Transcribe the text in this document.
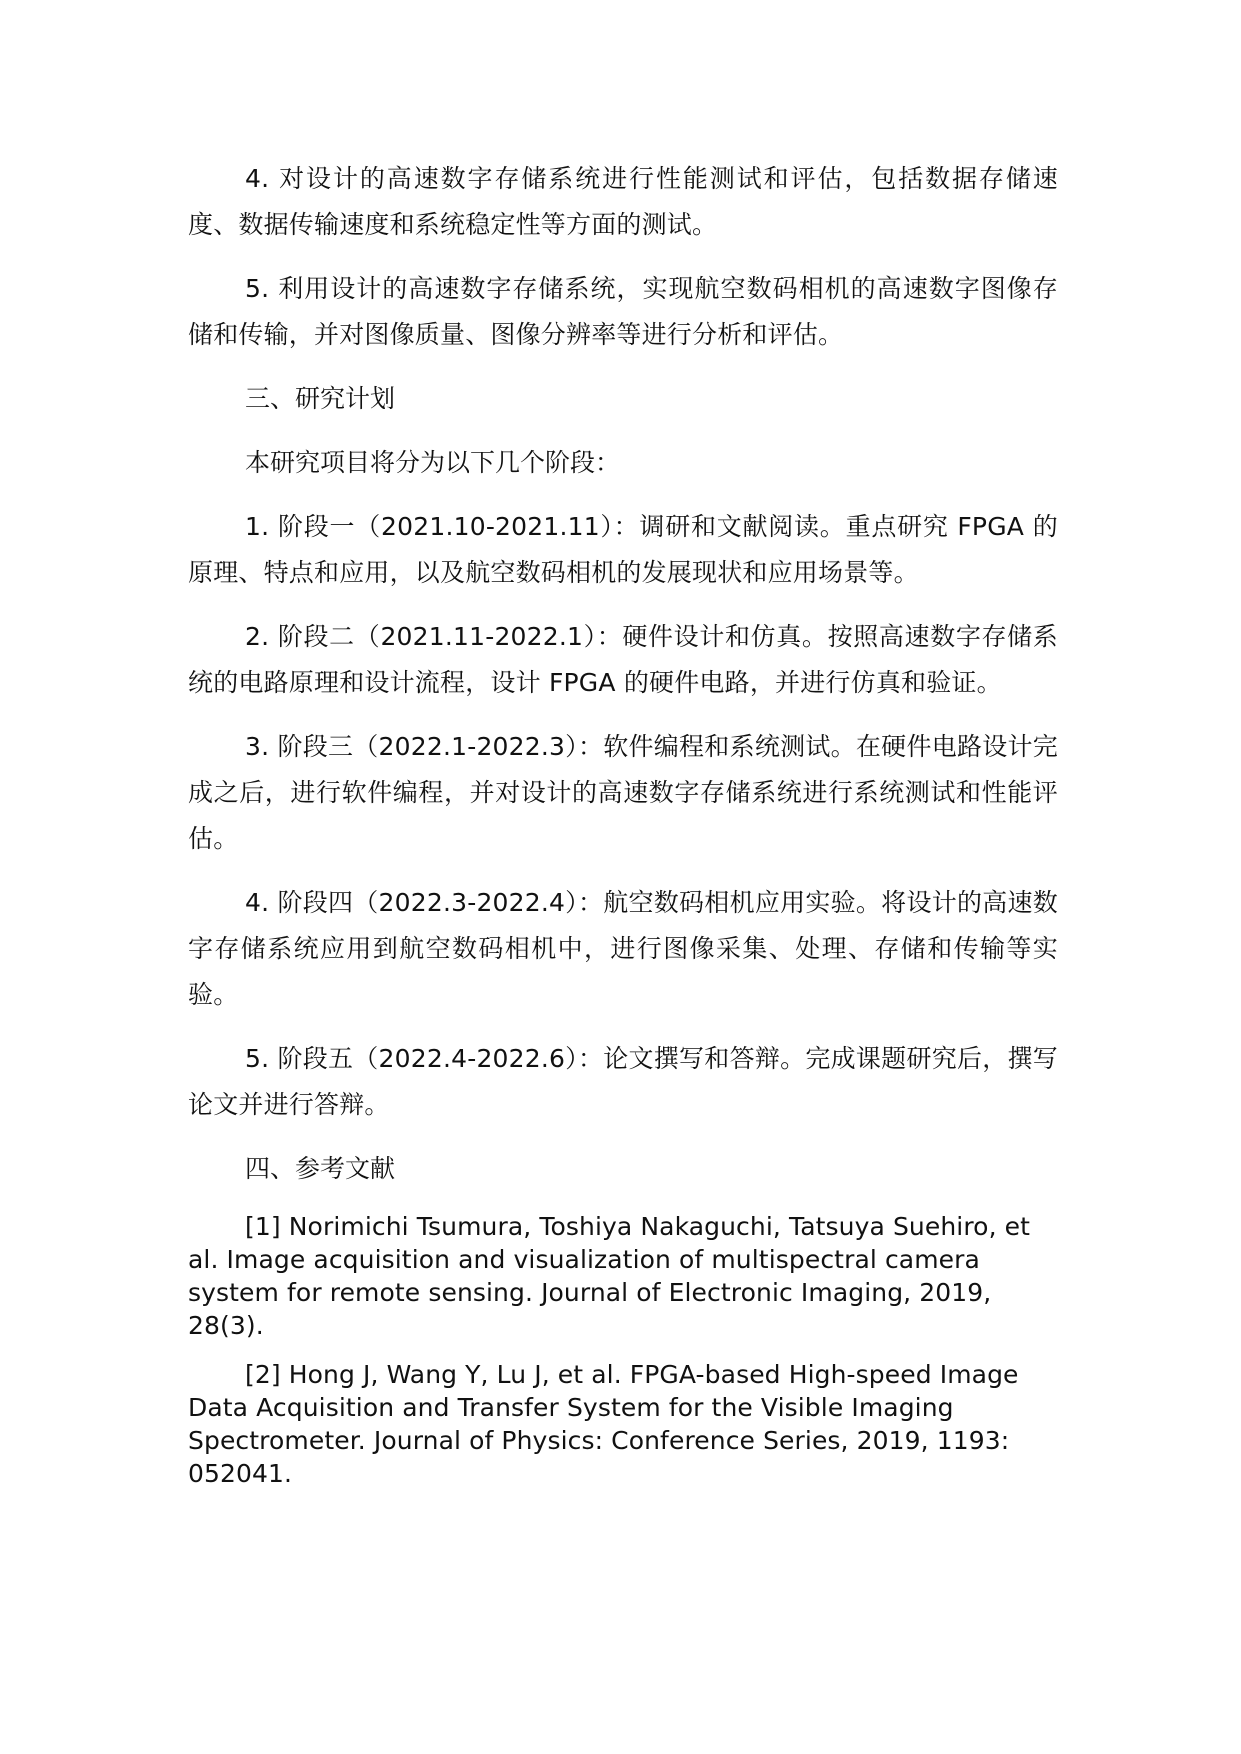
4. 对设计的高速数字存储系统进行性能测试和评估，包括数据存储速度、数据传输速度和系统稳定性等方面的测试。

5. 利用设计的高速数字存储系统，实现航空数码相机的高速数字图像存储和传输，并对图像质量、图像分辨率等进行分析和评估。

三、研究计划

本研究项目将分为以下几个阶段：

1. 阶段一（2021.10-2021.11）：调研和文献阅读。重点研究 FPGA 的原理、特点和应用，以及航空数码相机的发展现状和应用场景等。

2. 阶段二（2021.11-2022.1）：硬件设计和仿真。按照高速数字存储系统的电路原理和设计流程，设计 FPGA 的硬件电路，并进行仿真和验证。

3. 阶段三（2022.1-2022.3）：软件编程和系统测试。在硬件电路设计完成之后，进行软件编程，并对设计的高速数字存储系统进行系统测试和性能评估。

4. 阶段四（2022.3-2022.4）：航空数码相机应用实验。将设计的高速数字存储系统应用到航空数码相机中，进行图像采集、处理、存储和传输等实验。

5. 阶段五（2022.4-2022.6）：论文撰写和答辩。完成课题研究后，撰写论文并进行答辩。

四、参考文献

[1] Norimichi Tsumura, Toshiya Nakaguchi, Tatsuya Suehiro, et al. Image acquisition and visualization of multispectral camera system for remote sensing. Journal of Electronic Imaging, 2019, 28(3).

[2] Hong J, Wang Y, Lu J, et al. FPGA-based High-speed Image Data Acquisition and Transfer System for the Visible Imaging Spectrometer. Journal of Physics: Conference Series, 2019, 1193: 052041.
